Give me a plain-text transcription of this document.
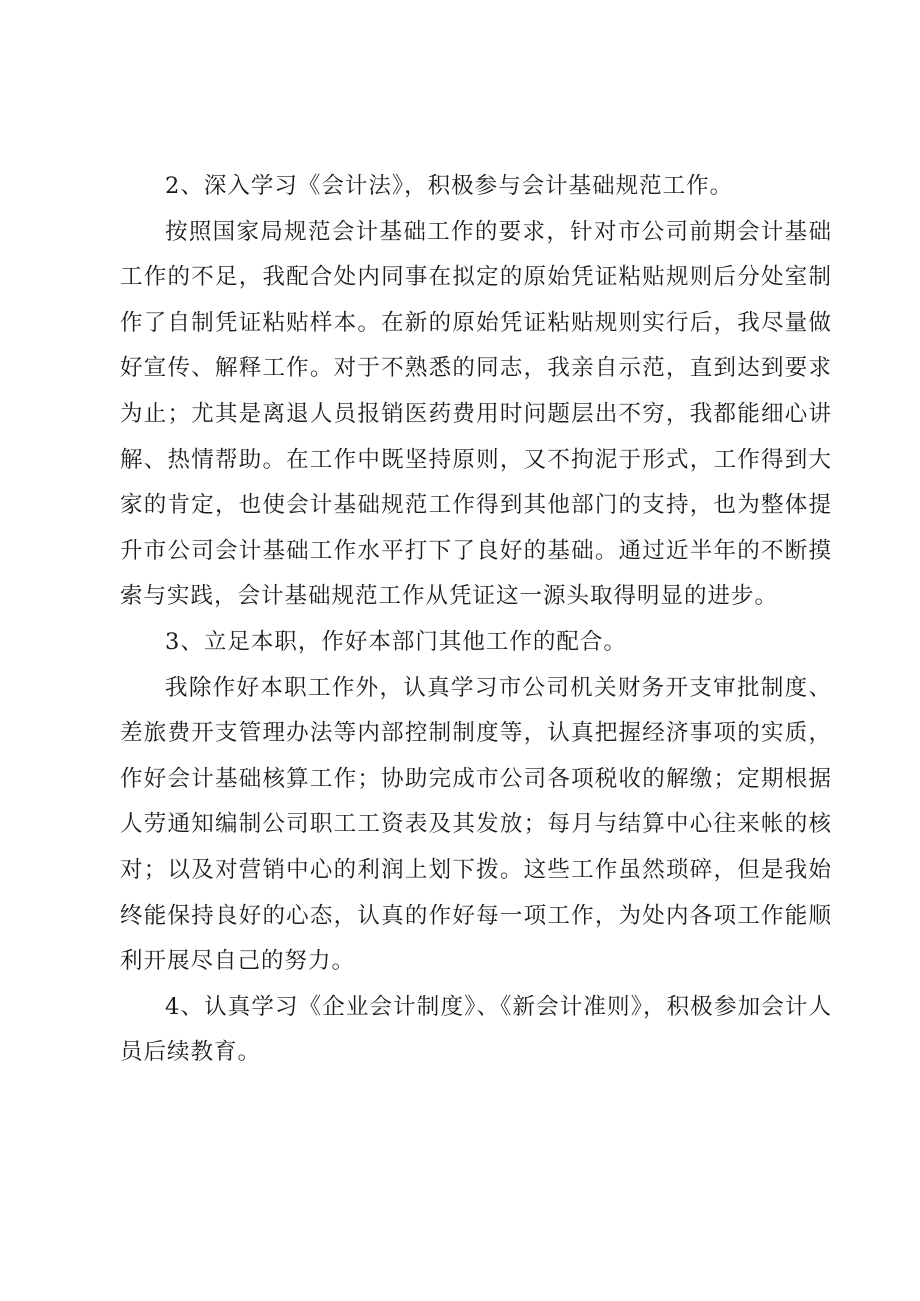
2、深入学习《会计法》，积极参与会计基础规范工作。

按照国家局规范会计基础工作的要求，针对市公司前期会计基础工作的不足，我配合处内同事在拟定的原始凭证粘贴规则后分处室制作了自制凭证粘贴样本。在新的原始凭证粘贴规则实行后，我尽量做好宣传、解释工作。对于不熟悉的同志，我亲自示范，直到达到要求为止；尤其是离退人员报销医药费用时问题层出不穷，我都能细心讲解、热情帮助。在工作中既坚持原则，又不拘泥于形式，工作得到大家的肯定，也使会计基础规范工作得到其他部门的支持，也为整体提升市公司会计基础工作水平打下了良好的基础。通过近半年的不断摸索与实践，会计基础规范工作从凭证这一源头取得明显的进步。

3、立足本职，作好本部门其他工作的配合。

我除作好本职工作外，认真学习市公司机关财务开支审批制度、差旅费开支管理办法等内部控制制度等，认真把握经济事项的实质，作好会计基础核算工作；协助完成市公司各项税收的解缴；定期根据人劳通知编制公司职工工资表及其发放；每月与结算中心往来帐的核对；以及对营销中心的利润上划下拨。这些工作虽然琐碎，但是我始终能保持良好的心态，认真的作好每一项工作，为处内各项工作能顺利开展尽自己的努力。

4、认真学习《企业会计制度》、《新会计准则》，积极参加会计人员后续教育。
